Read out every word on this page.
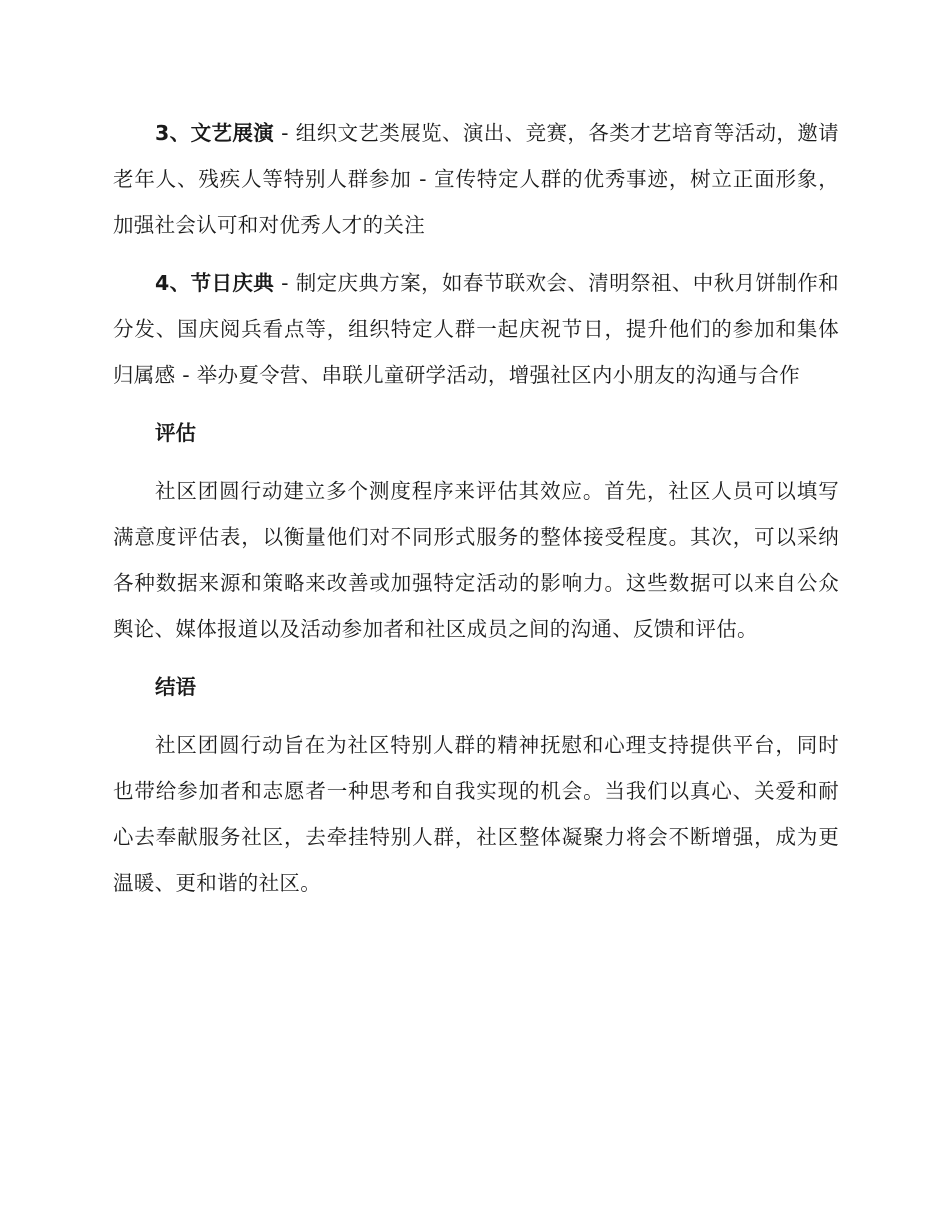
3、文艺展演 - 组织文艺类展览、演出、竞赛，各类才艺培育等活动，邀请老年人、残疾人等特别人群参加 - 宣传特定人群的优秀事迹，树立正面形象，加强社会认可和对优秀人才的关注

4、节日庆典 - 制定庆典方案，如春节联欢会、清明祭祖、中秋月饼制作和分发、国庆阅兵看点等，组织特定人群一起庆祝节日，提升他们的参加和集体归属感 - 举办夏令营、串联儿童研学活动，增强社区内小朋友的沟通与合作

评估

社区团圆行动建立多个测度程序来评估其效应。首先，社区人员可以填写满意度评估表，以衡量他们对不同形式服务的整体接受程度。其次，可以采纳各种数据来源和策略来改善或加强特定活动的影响力。这些数据可以来自公众舆论、媒体报道以及活动参加者和社区成员之间的沟通、反馈和评估。

结语

社区团圆行动旨在为社区特别人群的精神抚慰和心理支持提供平台，同时也带给参加者和志愿者一种思考和自我实现的机会。当我们以真心、关爱和耐心去奉献服务社区，去牵挂特别人群，社区整体凝聚力将会不断增强，成为更温暖、更和谐的社区。
